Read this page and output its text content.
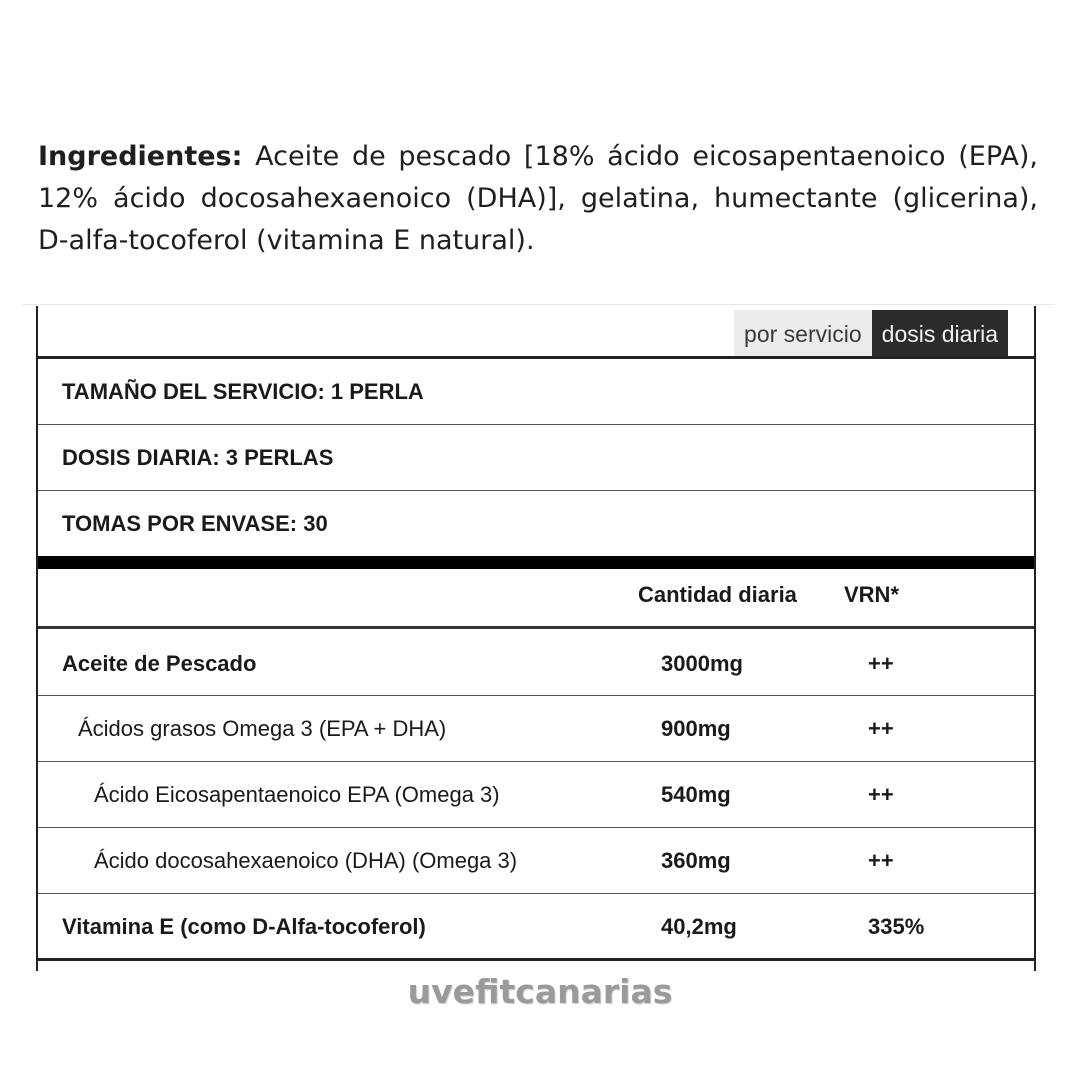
Ingredientes: Aceite de pescado [18% ácido eicosapentaenoico (EPA), 12% ácido docosahexaenoico (DHA)], gelatina, humectante (glicerina), D-alfa-tocoferol (vitamina E natural).

por servicio dosis diaria
TAMAÑO DEL SERVICIO: 1 PERLA
DOSIS DIARIA: 3 PERLAS
TOMAS POR ENVASE: 30
Cantidad diaria VRN*
Aceite de Pescado	3000mg	++
Ácidos grasos Omega 3 (EPA + DHA)	900mg	++
Ácido Eicosapentaenoico EPA (Omega 3)	540mg	++
Ácido docosahexaenoico (DHA) (Omega 3)	360mg	++
Vitamina E (como D-Alfa-tocoferol)	40,2mg	335%
uvefitcanarias
